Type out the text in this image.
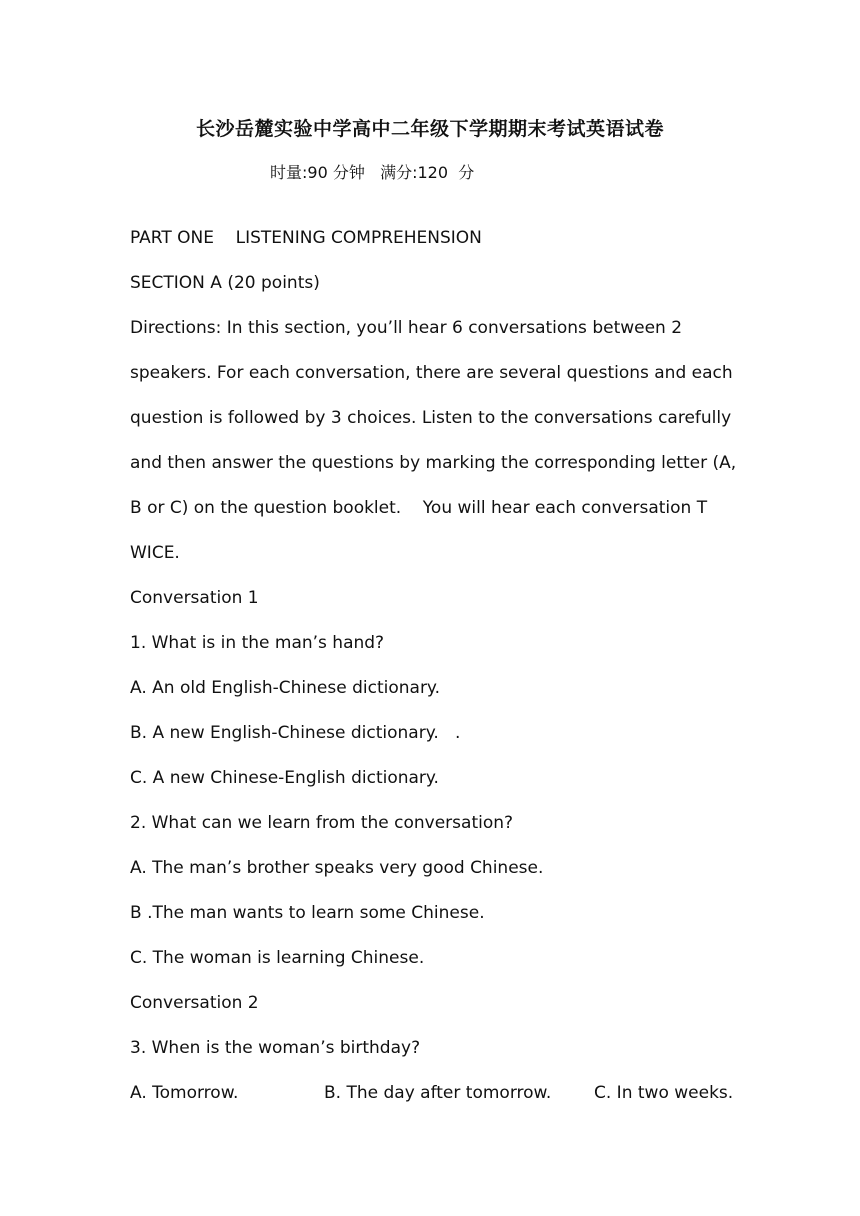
长沙岳麓实验中学高中二年级下学期期末考试英语试卷
时量:90 分钟   满分:120  分
PART ONE    LISTENING COMPREHENSION
SECTION A (20 points)
Directions: In this section, you’ll hear 6 conversations between 2
speakers. For each conversation, there are several questions and each
question is followed by 3 choices. Listen to the conversations carefully
and then answer the questions by marking the corresponding letter (A,
B or C) on the question booklet.    You will hear each conversation T
WICE.
Conversation 1
1. What is in the man’s hand?
A. An old English-Chinese dictionary.
B. A new English-Chinese dictionary.   .
C. A new Chinese-English dictionary.
2. What can we learn from the conversation?
A. The man’s brother speaks very good Chinese.
B .The man wants to learn some Chinese.
C. The woman is learning Chinese.
Conversation 2
3. When is the woman’s birthday?
A. Tomorrow.	B. The day after tomorrow.	C. In two weeks.
